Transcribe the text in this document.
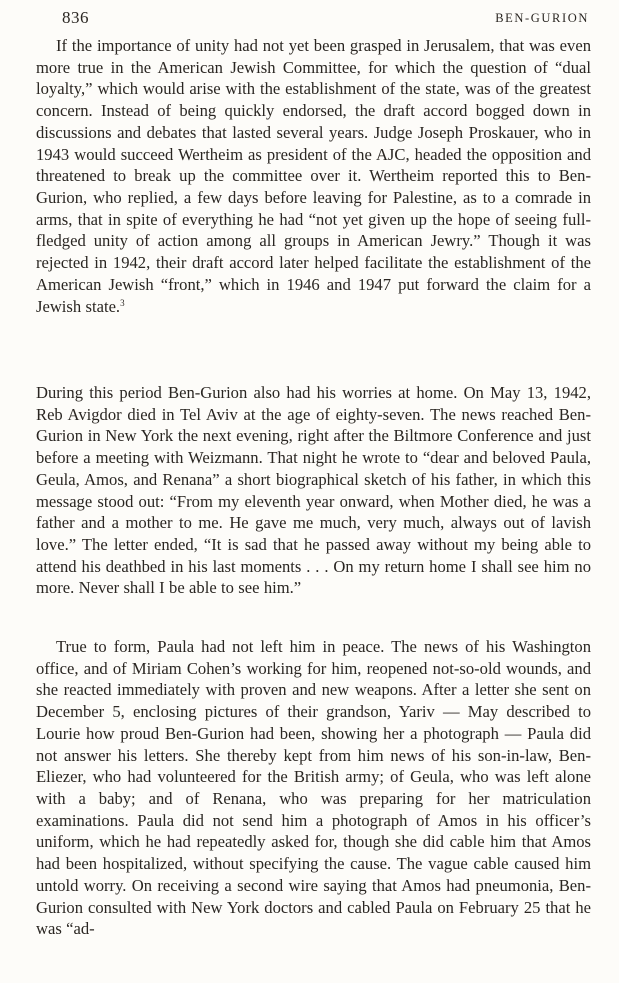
836	BEN-GURION

If the importance of unity had not yet been grasped in Jerusalem, that was even more true in the American Jewish Committee, for which the question of “dual loyalty,” which would arise with the establishment of the state, was of the greatest concern. Instead of being quickly endorsed, the draft accord bogged down in discussions and debates that lasted several years. Judge Joseph Proskauer, who in 1943 would succeed Wertheim as president of the AJC, headed the opposition and threatened to break up the committee over it. Wertheim reported this to Ben-Gurion, who replied, a few days before leaving for Palestine, as to a comrade in arms, that in spite of everything he had “not yet given up the hope of seeing full-fledged unity of action among all groups in American Jewry.” Though it was rejected in 1942, their draft accord later helped facilitate the establishment of the American Jewish “front,” which in 1946 and 1947 put forward the claim for a Jewish state.$^3$

During this period Ben-Gurion also had his worries at home. On May 13, 1942, Reb Avigdor died in Tel Aviv at the age of eighty-seven. The news reached Ben-Gurion in New York the next evening, right after the Biltmore Conference and just before a meeting with Weizmann. That night he wrote to “dear and beloved Paula, Geula, Amos, and Renana” a short biographical sketch of his father, in which this message stood out: “From my eleventh year onward, when Mother died, he was a father and a mother to me. He gave me much, very much, always out of lavish love.” The letter ended, “It is sad that he passed away without my being able to attend his deathbed in his last moments . . . On my return home I shall see him no more. Never shall I be able to see him.”

True to form, Paula had not left him in peace. The news of his Washington office, and of Miriam Cohen’s working for him, reopened not-so-old wounds, and she reacted immediately with proven and new weapons. After a letter she sent on December 5, enclosing pictures of their grandson, Yariv — May described to Lourie how proud Ben-Gurion had been, showing her a photograph — Paula did not answer his letters. She thereby kept from him news of his son-in-law, Ben-Eliezer, who had volunteered for the British army; of Geula, who was left alone with a baby; and of Renana, who was preparing for her matriculation examinations. Paula did not send him a photograph of Amos in his officer’s uniform, which he had repeatedly asked for, though she did cable him that Amos had been hospitalized, without specifying the cause. The vague cable caused him untold worry. On receiving a second wire saying that Amos had pneumonia, Ben-Gurion consulted with New York doctors and cabled Paula on February 25 that he was “ad-
